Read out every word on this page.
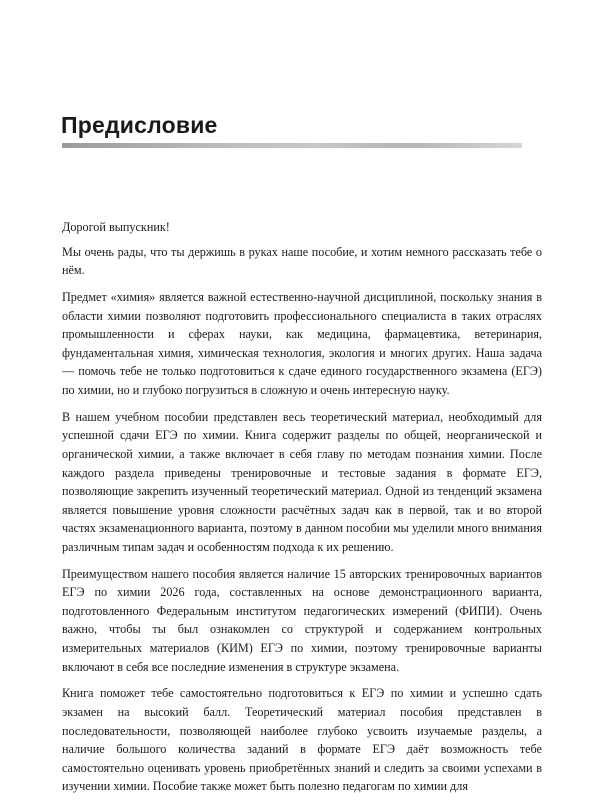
Предисловие

Дорогой выпускник!

Мы очень рады, что ты держишь в руках наше пособие, и хотим немного рассказать тебе о нём.

Предмет «химия» является важной естественно-научной дисциплиной, поскольку знания в области химии позволяют подготовить профессионального специалиста в таких отраслях промышленности и сферах науки, как медицина, фармацевтика, ветеринария, фундаментальная химия, химическая технология, экология и многих других. Наша задача — помочь тебе не только подготовиться к сдаче единого государственного экзамена (ЕГЭ) по химии, но и глубоко погрузиться в сложную и очень интересную науку.

В нашем учебном пособии представлен весь теоретический материал, необходимый для успешной сдачи ЕГЭ по химии. Книга содержит разделы по общей, неорганической и органической химии, а также включает в себя главу по методам познания химии. После каждого раздела приведены тренировочные и тестовые задания в формате ЕГЭ, позволяющие закрепить изученный теоретический материал. Одной из тенденций экзамена является повышение уровня сложности расчётных задач как в первой, так и во второй частях экзаменационного варианта, поэтому в данном пособии мы уделили много внимания различным типам задач и особенностям подхода к их решению.

Преимуществом нашего пособия является наличие 15 авторских тренировочных вариантов ЕГЭ по химии 2026 года, составленных на основе демонстрационного варианта, подготовленного Федеральным институтом педагогических измерений (ФИПИ). Очень важно, чтобы ты был ознакомлен со структурой и содержанием контрольных измерительных материалов (КИМ) ЕГЭ по химии, поэтому тренировочные варианты включают в себя все последние изменения в структуре экзамена.

Книга поможет тебе самостоятельно подготовиться к ЕГЭ по химии и успешно сдать экзамен на высокий балл. Теоретический материал пособия представлен в последовательности, позволяющей наиболее глубоко усвоить изучаемые разделы, а наличие большого количества заданий в формате ЕГЭ даёт возможность тебе самостоятельно оценивать уровень приобретённых знаний и следить за своими успехами в изучении химии. Пособие также может быть полезно педагогам по химии для
